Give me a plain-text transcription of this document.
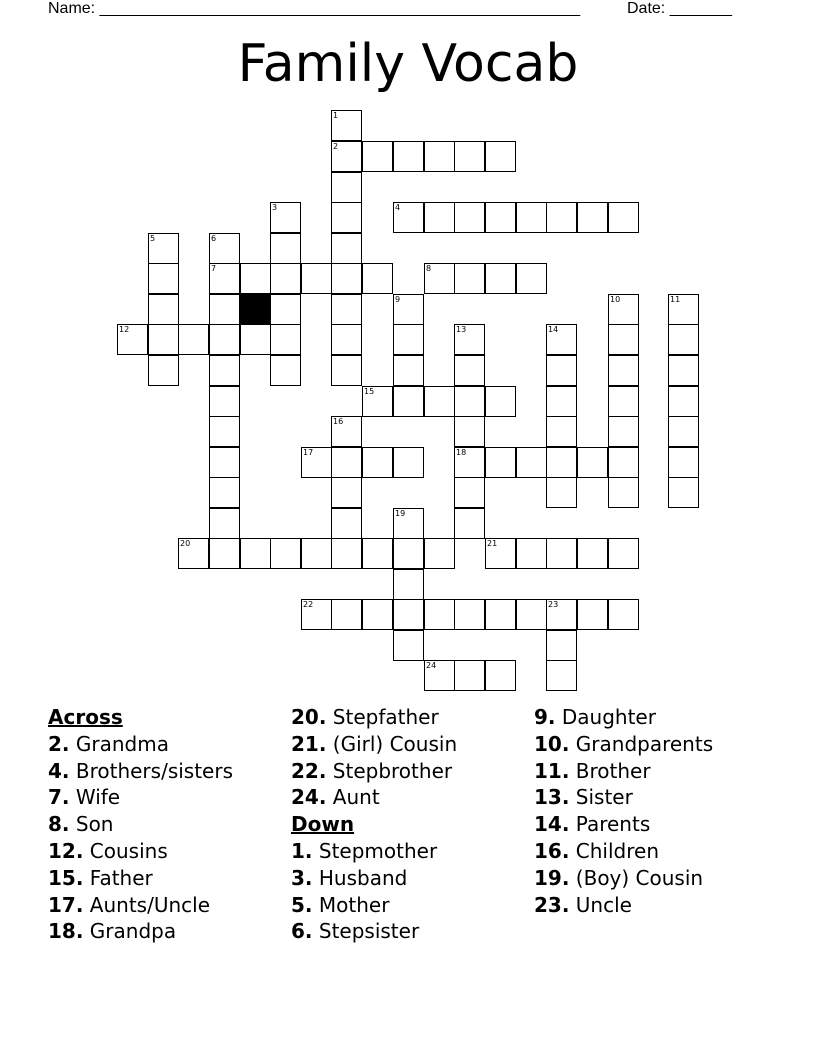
Name: ______________________________________________________	Date: _______
Family Vocab
1
2
3	4
5	6
7	8
9	10	11
12	13	14
15
16
17	18
19
20	21
22	23
24
Across
2. Grandma
4. Brothers/sisters
7. Wife
8. Son
12. Cousins
15. Father
17. Aunts/Uncle
18. Grandpa
20. Stepfather
21. (Girl) Cousin
22. Stepbrother
24. Aunt
Down
1. Stepmother
3. Husband
5. Mother
6. Stepsister
9. Daughter
10. Grandparents
11. Brother
13. Sister
14. Parents
16. Children
19. (Boy) Cousin
23. Uncle
